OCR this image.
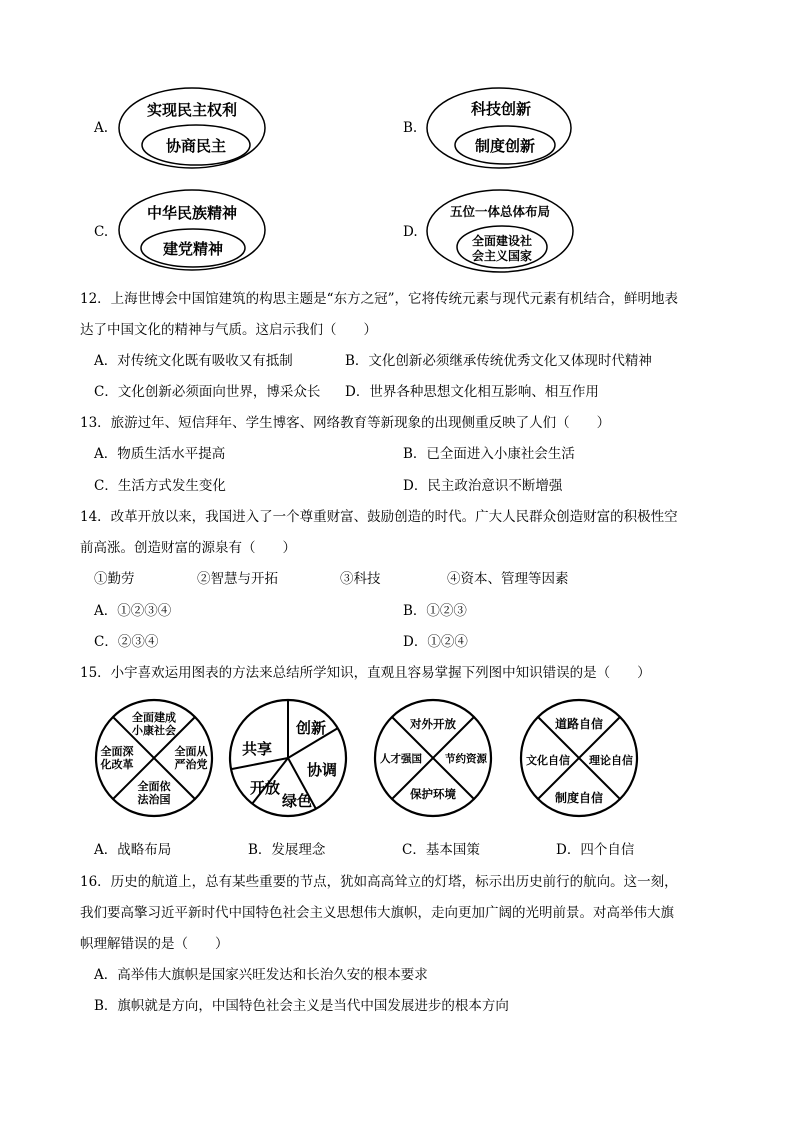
A.
实现民主权利
协商民主
B.
科技创新
制度创新
C.
中华民族精神
建党精神
D.
五位一体总体布局
全面建设社
会主义国家
12．上海世博会中国馆建筑的构思主题是“东方之冠”，它将传统元素与现代元素有机结合，鲜明地表
达了中国文化的精神与气质。这启示我们（　　）
A．对传统文化既有吸收又有抵制	B．文化创新必须继承传统优秀文化又体现时代精神
C．文化创新必须面向世界，博采众长 D．世界各种思想文化相互影响、相互作用
13．旅游过年、短信拜年、学生博客、网络教育等新现象的出现侧重反映了人们（　　）
A．物质生活水平提高	B．已全面进入小康社会生活
C．生活方式发生变化	D．民主政治意识不断增强
14．改革开放以来，我国进入了一个尊重财富、鼓励创造的时代。广大人民群众创造财富的积极性空
前高涨。创造财富的源泉有（　　）
①勤劳	②智慧与开拓	③科技	④资本、管理等因素
A．①②③④	B．①②③
C．②③④	D．①②④
15．小宇喜欢运用图表的方法来总结所学知识，直观且容易掌握下列图中知识错误的是（　　）
全面建成
小康社会
全面深
化改革
全面从
严治党
全面依
法治国
创新
共享
协调
开放
绿色
对外开放
人才强国 节约资源
保护环境
道路自信
文化自信 理论自信
制度自信
A．战略布局	B．发展理念	C．基本国策	D．四个自信
16．历史的航道上，总有某些重要的节点，犹如高高耸立的灯塔，标示出历史前行的航向。这一刻，
我们要高擎习近平新时代中国特色社会主义思想伟大旗帜，走向更加广阔的光明前景。对高举伟大旗
帜理解错误的是（　　）
A．高举伟大旗帜是国家兴旺发达和长治久安的根本要求
B．旗帜就是方向，中国特色社会主义是当代中国发展进步的根本方向
